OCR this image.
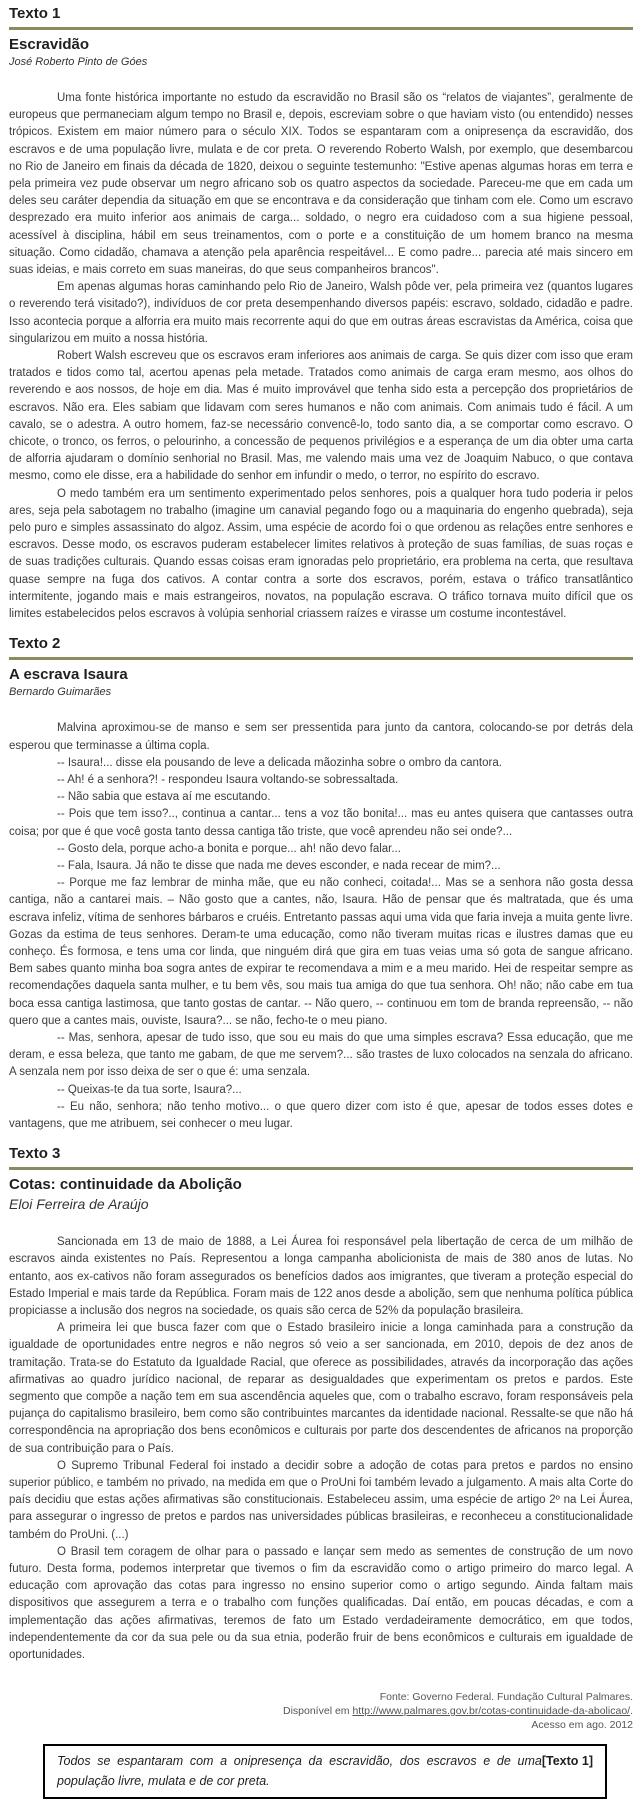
Texto 1
Escravidão

José Roberto Pinto de Góes

Uma fonte histórica importante no estudo da escravidão no Brasil são os “relatos de viajantes”, geralmente de europeus que permaneciam algum tempo no Brasil e, depois, escreviam sobre o que haviam visto (ou entendido) nesses trópicos. Existem em maior número para o século XIX. Todos se espantaram com a onipresença da escravidão, dos escravos e de uma população livre, mulata e de cor preta. O reverendo Roberto Walsh, por exemplo, que desembarcou no Rio de Janeiro em finais da década de 1820, deixou o seguinte testemunho: "Estive apenas algumas horas em terra e pela primeira vez pude observar um negro africano sob os quatro aspectos da sociedade. Pareceu-me que em cada um deles seu caráter dependia da situação em que se encontrava e da consideração que tinham com ele. Como um escravo desprezado era muito inferior aos animais de carga... soldado, o negro era cuidadoso com a sua higiene pessoal, acessível à disciplina, hábil em seus treinamentos, com o porte e a constituição de um homem branco na mesma situação. Como cidadão, chamava a atenção pela aparência respeitável... E como padre... parecia até mais sincero em suas ideias, e mais correto em suas maneiras, do que seus companheiros brancos".

Em apenas algumas horas caminhando pelo Rio de Janeiro, Walsh pôde ver, pela primeira vez (quantos lugares o reverendo terá visitado?), indivíduos de cor preta desempenhando diversos papéis: escravo, soldado, cidadão e padre. Isso acontecia porque a alforria era muito mais recorrente aqui do que em outras áreas escravistas da América, coisa que singularizou em muito a nossa história.

Robert Walsh escreveu que os escravos eram inferiores aos animais de carga. Se quis dizer com isso que eram tratados e tidos como tal, acertou apenas pela metade. Tratados como animais de carga eram mesmo, aos olhos do reverendo e aos nossos, de hoje em dia. Mas é muito improvável que tenha sido esta a percepção dos proprietários de escravos. Não era. Eles sabiam que lidavam com seres humanos e não com animais. Com animais tudo é fácil. A um cavalo, se o adestra. A outro homem, faz-se necessário convencê-lo, todo santo dia, a se comportar como escravo. O chicote, o tronco, os ferros, o pelourinho, a concessão de pequenos privilégios e a esperança de um dia obter uma carta de alforria ajudaram o domínio senhorial no Brasil. Mas, me valendo mais uma vez de Joaquim Nabuco, o que contava mesmo, como ele disse, era a habilidade do senhor em infundir o medo, o terror, no espírito do escravo.

O medo também era um sentimento experimentado pelos senhores, pois a qualquer hora tudo poderia ir pelos ares, seja pela sabotagem no trabalho (imagine um canavial pegando fogo ou a maquinaria do engenho quebrada), seja pelo puro e simples assassinato do algoz. Assim, uma espécie de acordo foi o que ordenou as relações entre senhores e escravos. Desse modo, os escravos puderam estabelecer limites relativos à proteção de suas famílias, de suas roças e de suas tradições culturais. Quando essas coisas eram ignoradas pelo proprietário, era problema na certa, que resultava quase sempre na fuga dos cativos. A contar contra a sorte dos escravos, porém, estava o tráfico transatlântico intermitente, jogando mais e mais estrangeiros, novatos, na população escrava. O tráfico tornava muito difícil que os limites estabelecidos pelos escravos à volúpia senhorial criassem raízes e virasse um costume incontestável.

Texto 2
A escrava Isaura

Bernardo Guimarães

Malvina aproximou-se de manso e sem ser pressentida para junto da cantora, colocando-se por detrás dela esperou que terminasse a última copla.

-- Isaura!... disse ela pousando de leve a delicada mãozinha sobre o ombro da cantora.

-- Ah! é a senhora?! - respondeu Isaura voltando-se sobressaltada.

-- Não sabia que estava aí me escutando.

-- Pois que tem isso?.., continua a cantar... tens a voz tão bonita!... mas eu antes quisera que cantasses outra coisa; por que é que você gosta tanto dessa cantiga tão triste, que você aprendeu não sei onde?...

-- Gosto dela, porque acho-a bonita e porque... ah! não devo falar...

-- Fala, Isaura. Já não te disse que nada me deves esconder, e nada recear de mim?...

-- Porque me faz lembrar de minha mãe, que eu não conheci, coitada!... Mas se a senhora não gosta dessa cantiga, não a cantarei mais. – Não gosto que a cantes, não, Isaura. Hão de pensar que és maltratada, que és uma escrava infeliz, vítima de senhores bárbaros e cruéis. Entretanto passas aqui uma vida que faria inveja a muita gente livre. Gozas da estima de teus senhores. Deram-te uma educação, como não tiveram muitas ricas e ilustres damas que eu conheço. És formosa, e tens uma cor linda, que ninguém dirá que gira em tuas veias uma só gota de sangue africano. Bem sabes quanto minha boa sogra antes de expirar te recomendava a mim e a meu marido. Hei de respeitar sempre as recomendações daquela santa mulher, e tu bem vês, sou mais tua amiga do que tua senhora. Oh! não; não cabe em tua boca essa cantiga lastimosa, que tanto gostas de cantar. -- Não quero, -- continuou em tom de branda repreensão, -- não quero que a cantes mais, ouviste, Isaura?... se não, fecho-te o meu piano.

-- Mas, senhora, apesar de tudo isso, que sou eu mais do que uma simples escrava? Essa educação, que me deram, e essa beleza, que tanto me gabam, de que me servem?... são trastes de luxo colocados na senzala do africano. A senzala nem por isso deixa de ser o que é: uma senzala.

-- Queixas-te da tua sorte, Isaura?...

-- Eu não, senhora; não tenho motivo... o que quero dizer com isto é que, apesar de todos esses dotes e vantagens, que me atribuem, sei conhecer o meu lugar.

Texto 3
Cotas: continuidade da Abolição

Eloi Ferreira de Araújo

Sancionada em 13 de maio de 1888, a Lei Áurea foi responsável pela libertação de cerca de um milhão de escravos ainda existentes no País. Representou a longa campanha abolicionista de mais de 380 anos de lutas. No entanto, aos ex-cativos não foram assegurados os benefícios dados aos imigrantes, que tiveram a proteção especial do Estado Imperial e mais tarde da República. Foram mais de 122 anos desde a abolição, sem que nenhuma política pública propiciasse a inclusão dos negros na sociedade, os quais são cerca de 52% da população brasileira.

A primeira lei que busca fazer com que o Estado brasileiro inicie a longa caminhada para a construção da igualdade de oportunidades entre negros e não negros só veio a ser sancionada, em 2010, depois de dez anos de tramitação. Trata-se do Estatuto da Igualdade Racial, que oferece as possibilidades, através da incorporação das ações afirmativas ao quadro jurídico nacional, de reparar as desigualdades que experimentam os pretos e pardos. Este segmento que compõe a nação tem em sua ascendência aqueles que, com o trabalho escravo, foram responsáveis pela pujança do capitalismo brasileiro, bem como são contribuintes marcantes da identidade nacional. Ressalte-se que não há correspondência na apropriação dos bens econômicos e culturais por parte dos descendentes de africanos na proporção de sua contribuição para o País.

O Supremo Tribunal Federal foi instado a decidir sobre a adoção de cotas para pretos e pardos no ensino superior público, e também no privado, na medida em que o ProUni foi também levado a julgamento. A mais alta Corte do país decidiu que estas ações afirmativas são constitucionais. Estabeleceu assim, uma espécie de artigo 2º na Lei Áurea, para assegurar o ingresso de pretos e pardos nas universidades públicas brasileiras, e reconheceu a constitucionalidade também do ProUni. (...)

O Brasil tem coragem de olhar para o passado e lançar sem medo as sementes de construção de um novo futuro. Desta forma, podemos interpretar que tivemos o fim da escravidão como o artigo primeiro do marco legal. A educação com aprovação das cotas para ingresso no ensino superior como o artigo segundo. Ainda faltam mais dispositivos que assegurem a terra e o trabalho com funções qualificadas. Daí então, em poucas décadas, e com a implementação das ações afirmativas, teremos de fato um Estado verdadeiramente democrático, em que todos, independentemente da cor da sua pele ou da sua etnia, poderão fruir de bens econômicos e culturais em igualdade de oportunidades.

Fonte: Governo Federal. Fundação Cultural Palmares.
Disponível em http://www.palmares.gov.br/cotas-continuidade-da-abolicao/.
Acesso em ago. 2012
[Texto 1]
Todos se espantaram com a onipresença da escravidão, dos escravos e de uma população livre, mulata e de cor preta.
